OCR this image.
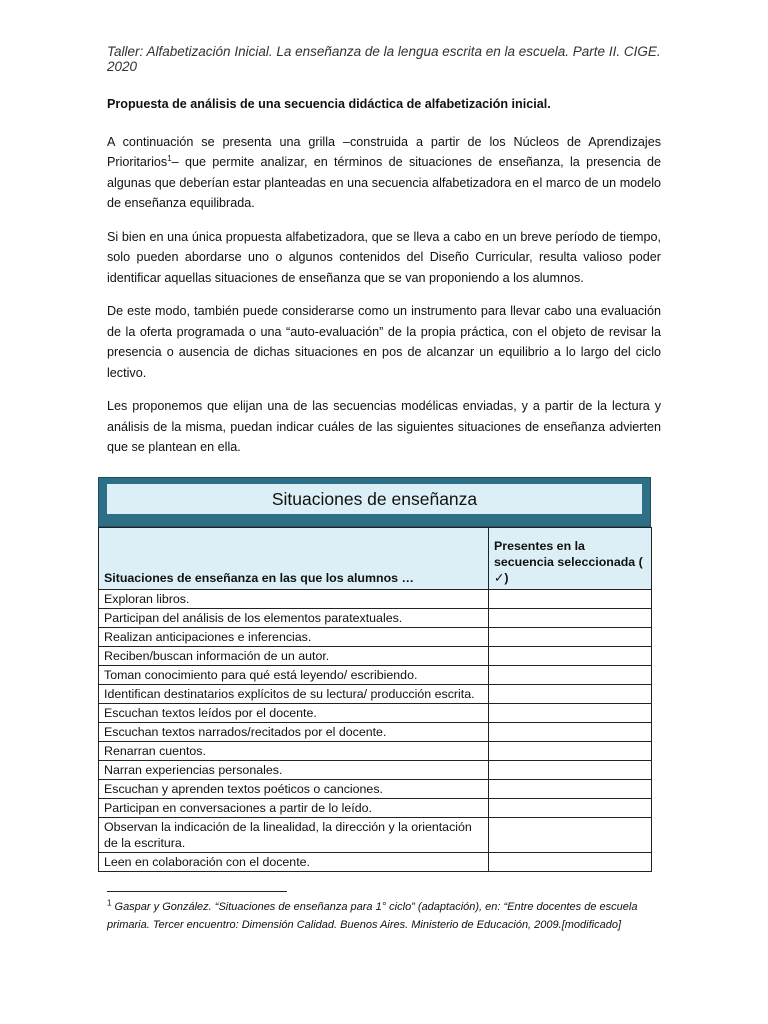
Taller: Alfabetización Inicial. La enseñanza de la lengua escrita en la escuela. Parte II. CIGE. 2020

Propuesta de análisis de una secuencia didáctica de alfabetización inicial.

A continuación se presenta una grilla –construida a partir de los Núcleos de Aprendizajes Prioritarios$^1$– que permite analizar, en términos de situaciones de enseñanza, la presencia de algunas que deberían estar planteadas en una secuencia alfabetizadora en el marco de un modelo de enseñanza equilibrada.

Si bien en una única propuesta alfabetizadora, que se lleva a cabo en un breve período de tiempo, solo pueden abordarse uno o algunos contenidos del Diseño Curricular, resulta valioso poder identificar aquellas situaciones de enseñanza que se van proponiendo a los alumnos.

De este modo, también puede considerarse como un instrumento para llevar cabo una evaluación de la oferta programada o una “auto-evaluación” de la propia práctica, con el objeto de revisar la presencia o ausencia de dichas situaciones en pos de alcanzar un equilibrio a lo largo del ciclo lectivo.

Les proponemos que elijan una de las secuencias modélicas enviadas, y a partir de la lectura y análisis de la misma, puedan indicar cuáles de las siguientes situaciones de enseñanza advierten que se plantean en ella.

Situaciones de enseñanza
Situaciones de enseñanza en las que los alumnos …	Presentes en la secuencia seleccionada ( ✓)
Exploran libros.	
Participan del análisis de los elementos paratextuales.	
Realizan anticipaciones e inferencias.	
Reciben/buscan información de un autor.	
Toman conocimiento para qué está leyendo/ escribiendo.	
Identifican destinatarios explícitos de su lectura/ producción escrita.	
Escuchan textos leídos por el docente.	
Escuchan textos narrados/recitados por el docente.	
Renarran cuentos.	
Narran experiencias personales.	
Escuchan y aprenden textos poéticos o canciones.	
Participan en conversaciones a partir de lo leído.	
Observan la indicación de la linealidad, la dirección y la orientación de la escritura.	
Leen en colaboración con el docente.	
$^1$ Gaspar y González. “Situaciones de enseñanza para 1° ciclo” (adaptación), en: “Entre docentes de escuela primaria. Tercer encuentro: Dimensión Calidad. Buenos Aires. Ministerio de Educación, 2009.[modificado]
